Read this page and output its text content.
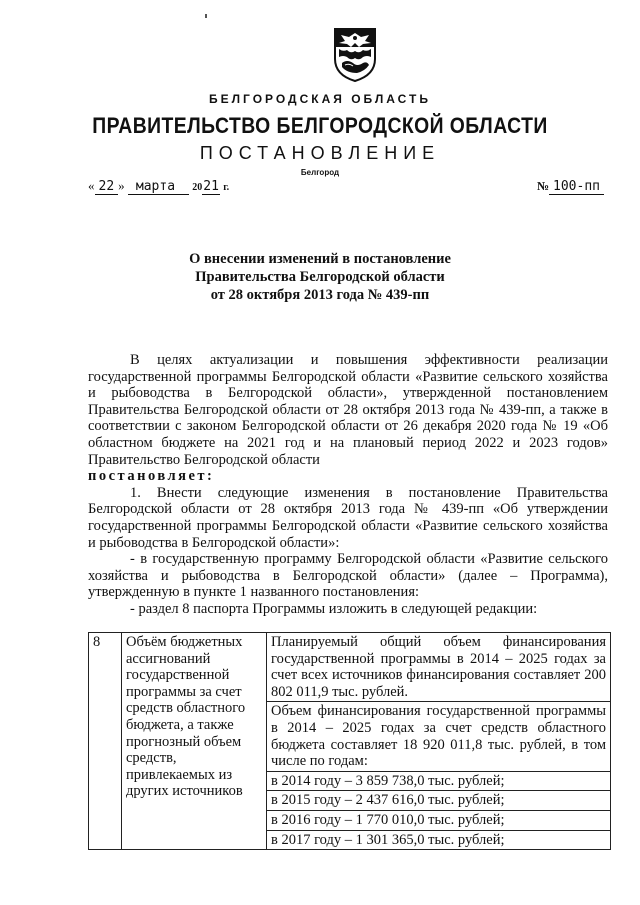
БЕЛГОРОДСКАЯ ОБЛАСТЬ
ПРАВИТЕЛЬСТВО БЕЛГОРОДСКОЙ ОБЛАСТИ
ПОСТАНОВЛЕНИЕ
Белгород
« 22 » марта 2021 г.	№ 100-пп
О внесении изменений в постановление
Правительства Белгородской области
от 28 октября 2013 года № 439-пп

В целях актуализации и повышения эффективности реализации государственной программы Белгородской области «Развитие сельского хозяйства и рыбоводства в Белгородской области», утвержденной постановлением Правительства Белгородской области от 28 октября 2013 года № 439-пп, а также в соответствии с законом Белгородской области от 26 декабря 2020 года № 19 «Об областном бюджете на 2021 год и на плановый период 2022 и 2023 годов» Правительство Белгородской области

постановляет:

1. Внести следующие изменения в постановление Правительства Белгородской области от 28 октября 2013 года № 439-пп «Об утверждении государственной программы Белгородской области «Развитие сельского хозяйства и рыбоводства в Белгородской области»:

- в государственную программу Белгородской области «Развитие сельского хозяйства и рыбоводства в Белгородской области» (далее – Программа), утвержденную в пункте 1 названного постановления:

- раздел 8 паспорта Программы изложить в следующей редакции:

8	Объём бюджетных ассигнований государственной программы за счет средств областного бюджета, а также прогнозный объем средств, привлекаемых из других источников	
Планируемый общий объем финансирования государственной программы в 2014 – 2025 годах за счет всех источников финансирования составляет 200 802 011,9 тыс. рублей.
Объем финансирования государственной программы в 2014 – 2025 годах за счет средств областного бюджета составляет 18 920 011,8 тыс. рублей, в том числе по годам:
в 2014 году – 3 859 738,0 тыс. рублей;
в 2015 году – 2 437 616,0 тыс. рублей;
в 2016 году – 1 770 010,0 тыс. рублей;
в 2017 году – 1 301 365,0 тыс. рублей;
